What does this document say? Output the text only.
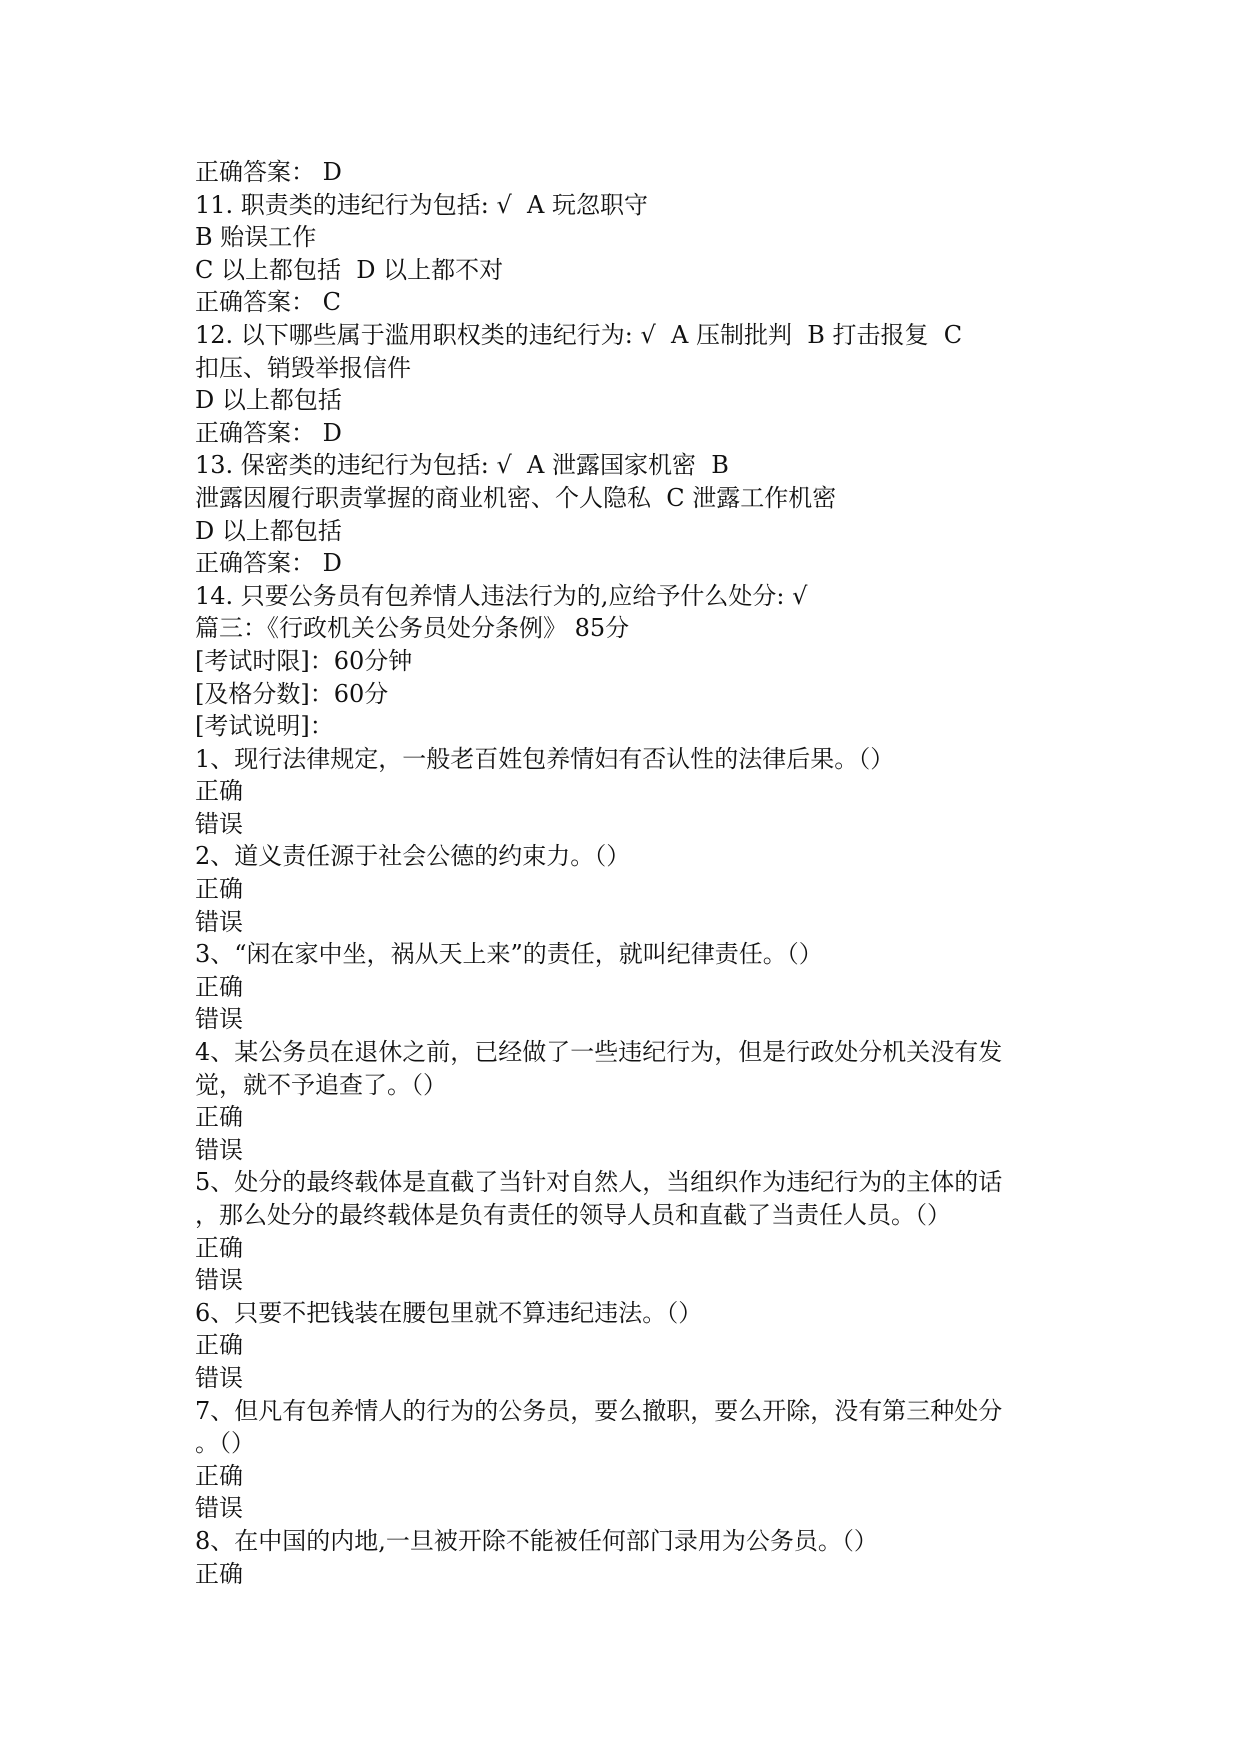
正确答案： D
11. 职责类的违纪行为包括: √  A 玩忽职守
B 贻误工作
C 以上都包括  D 以上都不对
正确答案： C
12. 以下哪些属于滥用职权类的违纪行为: √  A 压制批判  B 打击报复  C
扣压、销毁举报信件
D 以上都包括
正确答案： D
13. 保密类的违纪行为包括: √  A 泄露国家机密  B
泄露因履行职责掌握的商业机密、个人隐私  C 泄露工作机密
D 以上都包括
正确答案： D
14. 只要公务员有包养情人违法行为的,应给予什么处分: √
篇三：《行政机关公务员处分条例》 85分
[考试时限]：60分钟
[及格分数]：60分
[考试说明]：
1、现行法律规定，一般老百姓包养情妇有否认性的法律后果。（）
正确
错误
2、道义责任源于社会公德的约束力。（）
正确
错误
3、“闲在家中坐，祸从天上来”的责任，就叫纪律责任。（）
正确
错误
4、某公务员在退休之前，已经做了一些违纪行为，但是行政处分机关没有发
觉，就不予追查了。（）
正确
错误
5、处分的最终载体是直截了当针对自然人，当组织作为违纪行为的主体的话
，那么处分的最终载体是负有责任的领导人员和直截了当责任人员。（）
正确
错误
6、只要不把钱装在腰包里就不算违纪违法。（）
正确
错误
7、但凡有包养情人的行为的公务员，要么撤职，要么开除，没有第三种处分
。（）
正确
错误
8、在中国的内地,一旦被开除不能被任何部门录用为公务员。（）
正确
